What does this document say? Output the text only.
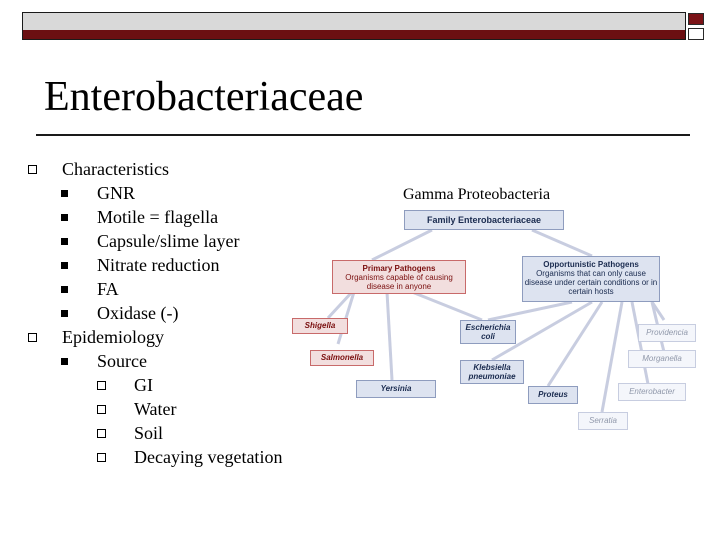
Enterobacteriaceae
Characteristics
GNR
Motile = flagella
Capsule/slime layer
Nitrate reduction
FA
Oxidase (-)
Epidemiology
Source
GI
Water
Soil
Decaying vegetation
Gamma Proteobacteria
Family Enterobacteriaceae
Primary Pathogens
Organisms capable of causing disease in anyone
Opportunistic Pathogens
Organisms that can only cause disease under certain conditions or in certain hosts
Shigella
Salmonella
Yersinia
Escherichia coli
Klebsiella pneumoniae
Proteus
Providencia
Morganella
Enterobacter
Serratia
